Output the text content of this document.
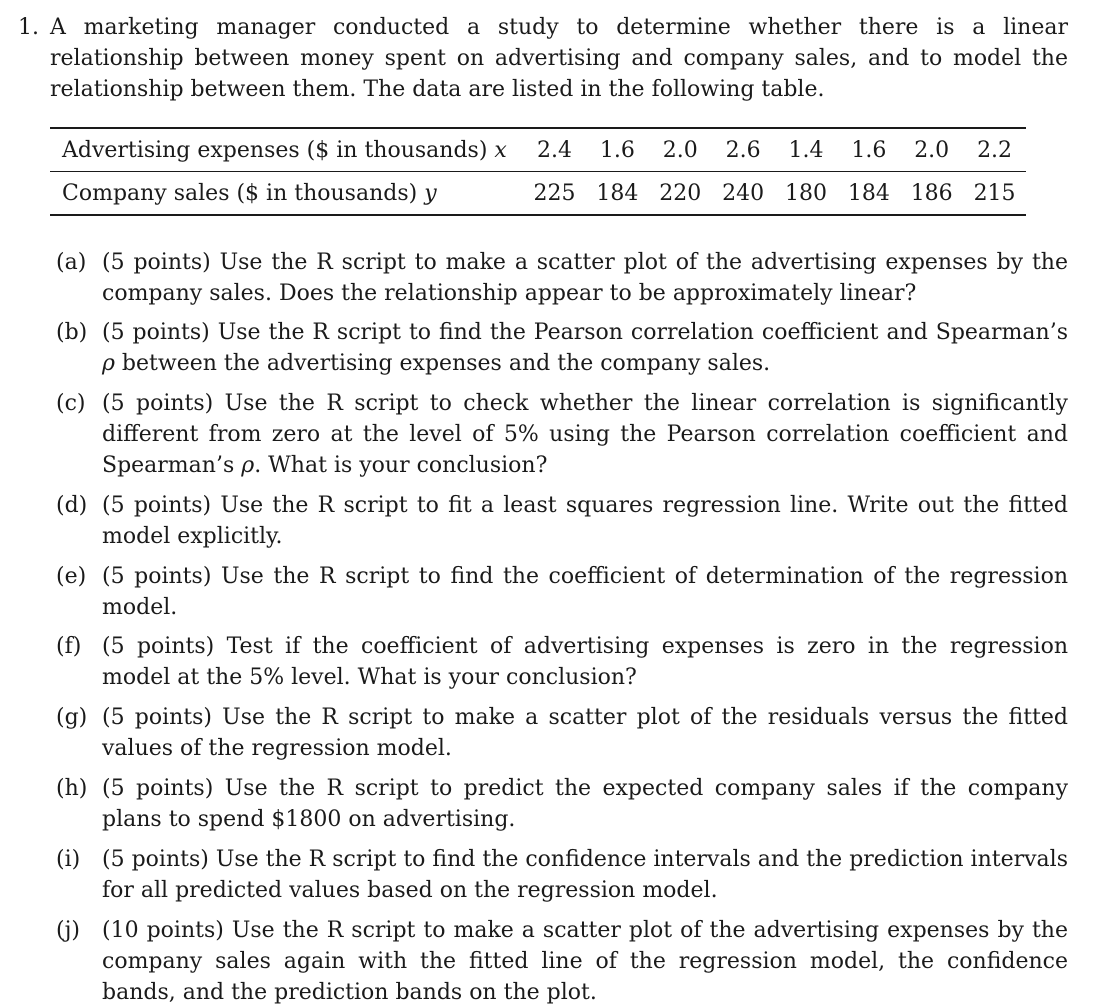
1. A marketing manager conducted a study to determine whether there is a linear relationship between money spent on advertising and company sales, and to model the relationship between them. The data are listed in the following table.
Advertising expenses ($ in thousands) x	2.4	1.6	2.0	2.6	1.4	1.6	2.0	2.2
Company sales ($ in thousands) y	225	184	220	240	180	184	186	215
(a) (5 points) Use the R script to make a scatter plot of the advertising expenses by the company sales. Does the relationship appear to be approximately linear?
(b) (5 points) Use the R script to find the Pearson correlation coefficient and Spearman’s ρ between the advertising expenses and the company sales.
(c) (5 points) Use the R script to check whether the linear correlation is significantly different from zero at the level of 5% using the Pearson correlation coefficient and Spearman’s ρ. What is your conclusion?
(d) (5 points) Use the R script to fit a least squares regression line. Write out the fitted model explicitly.
(e) (5 points) Use the R script to find the coefficient of determination of the regression model.
(f) (5 points) Test if the coefficient of advertising expenses is zero in the regression model at the 5% level. What is your conclusion?
(g) (5 points) Use the R script to make a scatter plot of the residuals versus the fitted values of the regression model.
(h) (5 points) Use the R script to predict the expected company sales if the company plans to spend $1800 on advertising.
(i) (5 points) Use the R script to find the confidence intervals and the prediction intervals for all predicted values based on the regression model.
(j) (10 points) Use the R script to make a scatter plot of the advertising expenses by the company sales again with the fitted line of the regression model, the confidence bands, and the prediction bands on the plot.
